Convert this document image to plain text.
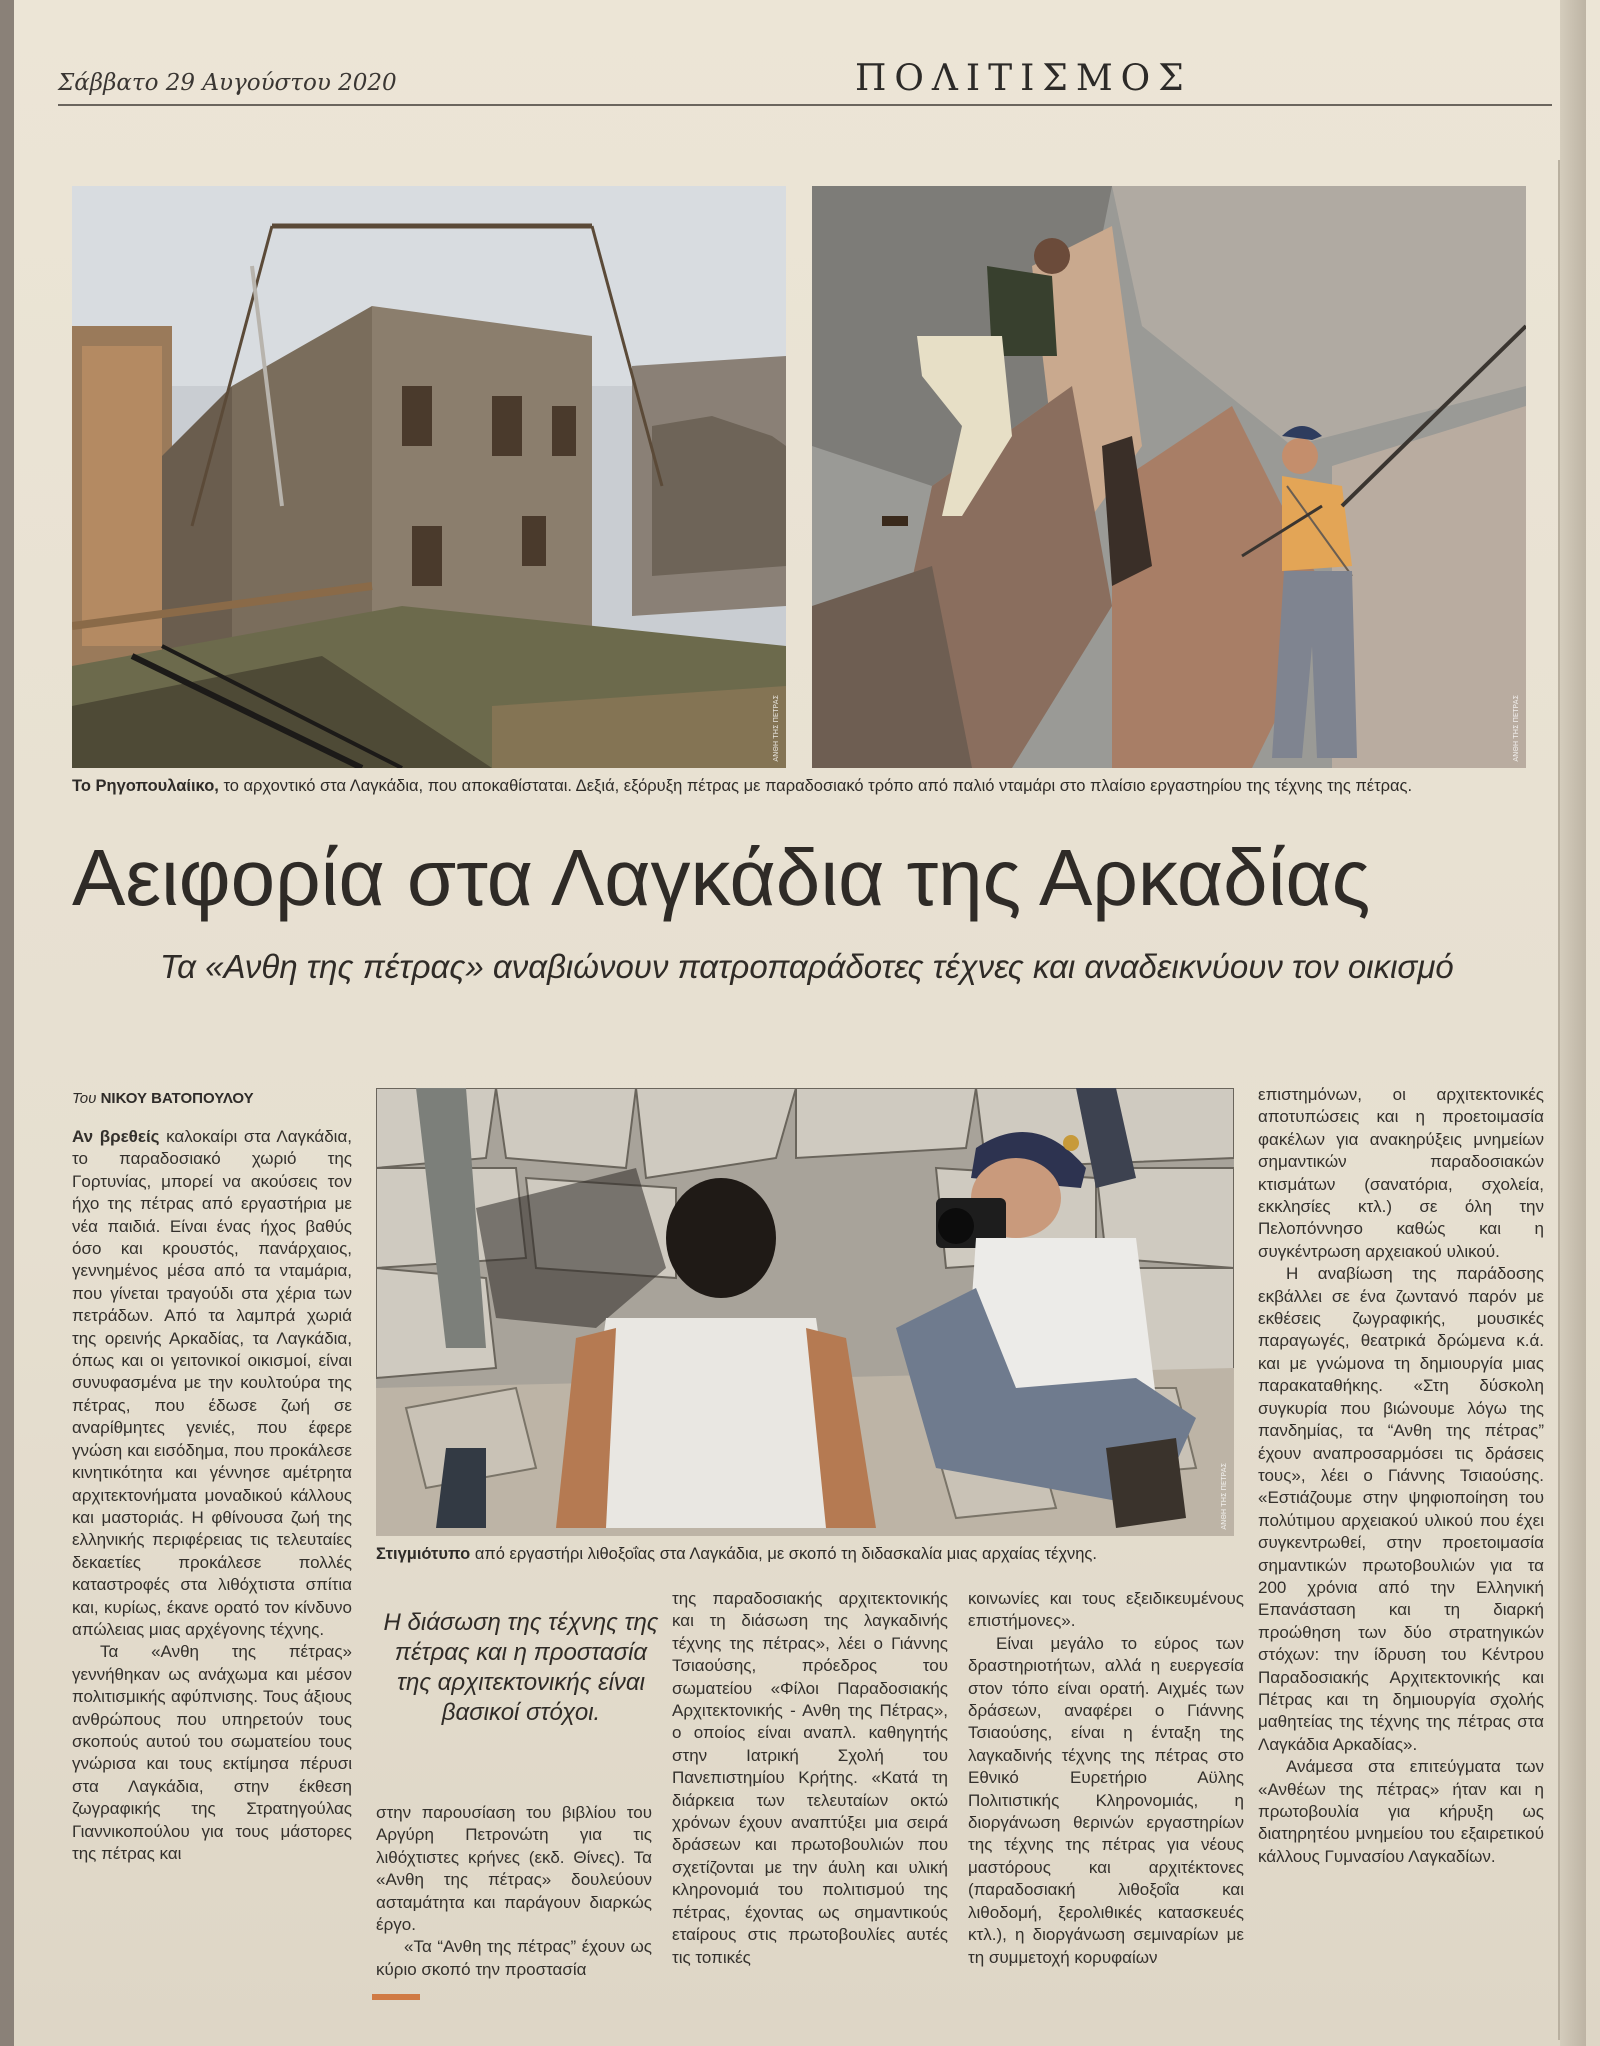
Σάββατο 29 Αυγούστου 2020	ΠΟΛΙΤΙΣΜΟΣ
ΑΝΘΗ ΤΗΣ ΠΕΤΡΑΣ	ΑΝΘΗ ΤΗΣ ΠΕΤΡΑΣ
Το Ρηγοπουλαίικο, το αρχοντικό στα Λαγκάδια, που αποκαθίσταται. Δεξιά, εξόρυξη πέτρας με παραδοσιακό τρόπο από παλιό νταμάρι στο πλαίσιο εργαστηρίου της τέχνης της πέτρας.
Αειφορία στα Λαγκάδια της Αρκαδίας
Τα «Ανθη της πέτρας» αναβιώνουν πατροπαράδοτες τέχνες και αναδεικνύουν τον οικισμό
Του ΝΙΚΟΥ ΒΑΤΟΠΟΥΛΟΥ
ΑΝΘΗ ΤΗΣ ΠΕΤΡΑΣ
Στιγμιότυπο από εργαστήρι λιθοξοΐας στα Λαγκάδια, με σκοπό τη διδασκαλία μιας αρχαίας τέχνης.

Αν βρεθείς καλοκαίρι στα Λαγκάδια, το παραδοσιακό χωριό της Γορτυνίας, μπορεί να ακούσεις τον ήχο της πέτρας από εργαστήρια με νέα παιδιά. Είναι ένας ήχος βαθύς όσο και κρουστός, πανάρχαιος, γεννημένος μέσα από τα νταμάρια, που γίνεται τραγούδι στα χέρια των πετράδων. Από τα λαμπρά χωριά της ορεινής Αρκαδίας, τα Λαγκάδια, όπως και οι γειτονικοί οικισμοί, είναι συνυφασμένα με την κουλτούρα της πέτρας, που έδωσε ζωή σε αναρίθμητες γενιές, που έφερε γνώση και εισόδημα, που προκάλεσε κινητικότητα και γέννησε αμέτρητα αρχιτεκτονήματα μοναδικού κάλλους και μαστοριάς. Η φθίνουσα ζωή της ελληνικής περιφέρειας τις τελευταίες δεκαετίες προκάλεσε πολλές καταστροφές στα λιθόχτιστα σπίτια και, κυρίως, έκανε ορατό τον κίνδυνο απώλειας μιας αρχέγονης τέχνης.

Τα «Ανθη της πέτρας» γεννήθηκαν ως ανάχωμα και μέσον πολιτισμικής αφύπνισης. Τους άξιους ανθρώπους που υπηρετούν τους σκοπούς αυτού του σωματείου τους γνώρισα και τους εκτίμησα πέρυσι στα Λαγκάδια, στην έκθεση ζωγραφικής της Στρατηγούλας Γιαννικοπούλου για τους μάστορες της πέτρας και

Η διάσωση της τέχνης της πέτρας και η προστασία της αρχιτεκτονικής είναι βασικοί στόχοι.

στην παρουσίαση του βιβλίου του Αργύρη Πετρονώτη για τις λιθόχτιστες κρήνες (εκδ. Θίνες). Τα «Ανθη της πέτρας» δουλεύουν ασταμάτητα και παράγουν διαρκώς έργο.

«Τα “Ανθη της πέτρας” έχουν ως κύριο σκοπό την προστασία

της παραδοσιακής αρχιτεκτονικής και τη διάσωση της λαγκαδινής τέχνης της πέτρας», λέει ο Γιάννης Τσιαούσης, πρόεδρος του σωματείου «Φίλοι Παραδοσιακής Αρχιτεκτονικής - Ανθη της Πέτρας», ο οποίος είναι αναπλ. καθηγητής στην Ιατρική Σχολή του Πανεπιστημίου Κρήτης. «Κατά τη διάρκεια των τελευταίων οκτώ χρόνων έχουν αναπτύξει μια σειρά δράσεων και πρωτοβουλιών που σχετίζονται με την άυλη και υλική κληρονομιά του πολιτισμού της πέτρας, έχοντας ως σημαντικούς εταίρους στις πρωτοβουλίες αυτές τις τοπικές

κοινωνίες και τους εξειδικευμένους επιστήμονες».

Είναι μεγάλο το εύρος των δραστηριοτήτων, αλλά η ευεργεσία στον τόπο είναι ορατή. Αιχμές των δράσεων, αναφέρει ο Γιάννης Τσιαούσης, είναι η ένταξη της λαγκαδινής τέχνης της πέτρας στο Εθνικό Ευρετήριο Αϋλης Πολιτιστικής Κληρονομιάς, η διοργάνωση θερινών εργαστηρίων της τέχνης της πέτρας για νέους μαστόρους και αρχιτέκτονες (παραδοσιακή λιθοξοΐα και λιθοδομή, ξερολιθικές κατασκευές κτλ.), η διοργάνωση σεμιναρίων με τη συμμετοχή κορυφαίων

επιστημόνων, οι αρχιτεκτονικές αποτυπώσεις και η προετοιμασία φακέλων για ανακηρύξεις μνημείων σημαντικών παραδοσιακών κτισμάτων (σανατόρια, σχολεία, εκκλησίες κτλ.) σε όλη την Πελοπόννησο καθώς και η συγκέντρωση αρχειακού υλικού.

Η αναβίωση της παράδοσης εκβάλλει σε ένα ζωντανό παρόν με εκθέσεις ζωγραφικής, μουσικές παραγωγές, θεατρικά δρώμενα κ.ά. και με γνώμονα τη δημιουργία μιας παρακαταθήκης. «Στη δύσκολη συγκυρία που βιώνουμε λόγω της πανδημίας, τα “Ανθη της πέτρας” έχουν αναπροσαρμόσει τις δράσεις τους», λέει ο Γιάννης Τσιαούσης. «Εστιάζουμε στην ψηφιοποίηση του πολύτιμου αρχειακού υλικού που έχει συγκεντρωθεί, στην προετοιμασία σημαντικών πρωτοβουλιών για τα 200 χρόνια από την Ελληνική Επανάσταση και τη διαρκή προώθηση των δύο στρατηγικών στόχων: την ίδρυση του Κέντρου Παραδοσιακής Αρχιτεκτονικής και Πέτρας και τη δημιουργία σχολής μαθητείας της τέχνης της πέτρας στα Λαγκάδια Αρκαδίας».

Ανάμεσα στα επιτεύγματα των «Ανθέων της πέτρας» ήταν και η πρωτοβουλία για κήρυξη ως διατηρητέου μνημείου του εξαιρετικού κάλλους Γυμνασίου Λαγκαδίων.
